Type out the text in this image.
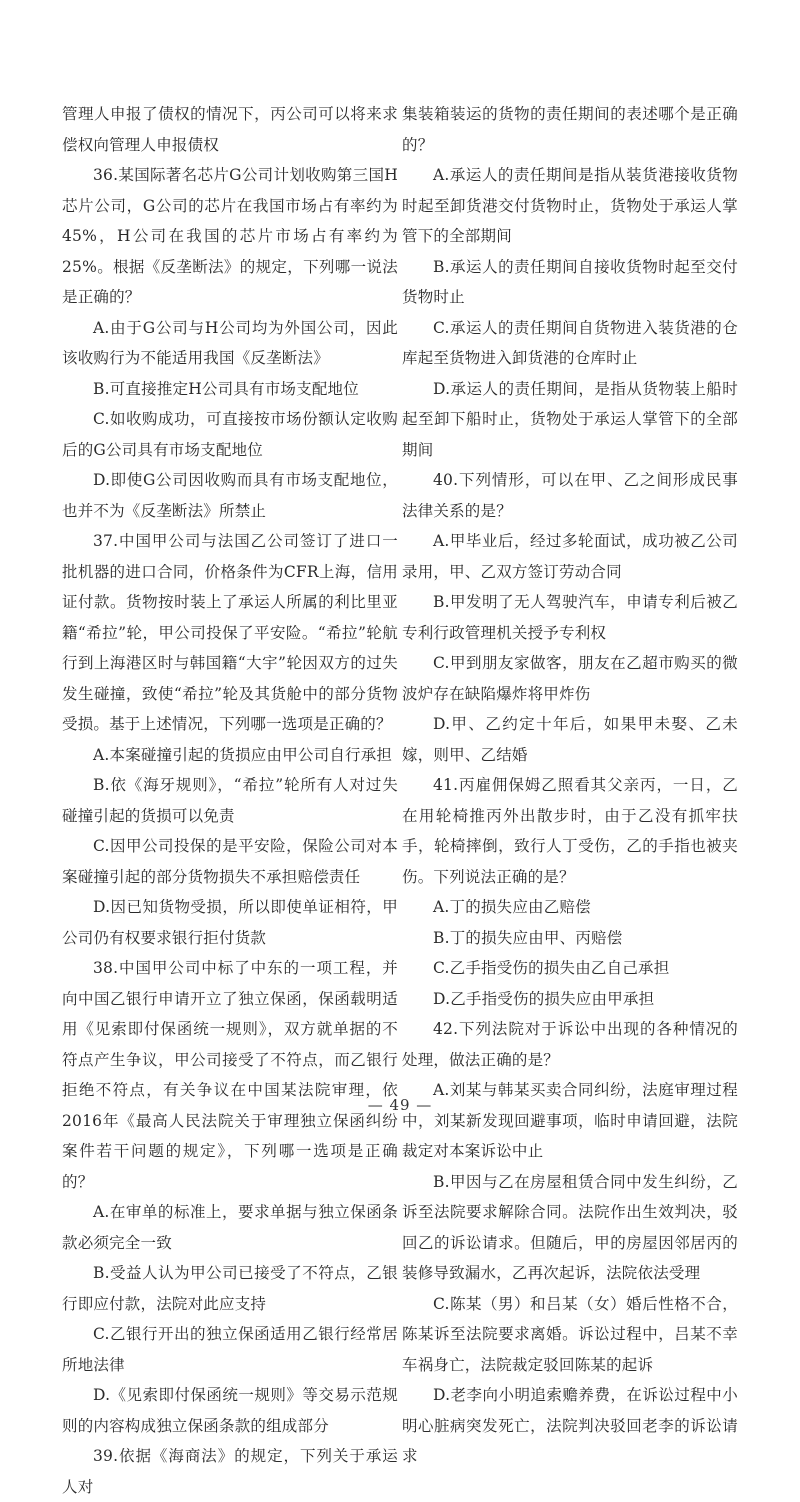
管理人申报了债权的情况下，丙公司可以将来求偿权向管理人申报债权

36.某国际著名芯片G公司计划收购第三国H芯片公司，G公司的芯片在我国市场占有率约为45%，H公司在我国的芯片市场占有率约为25%。根据《反垄断法》的规定，下列哪一说法是正确的？

A.由于G公司与H公司均为外国公司，因此该收购行为不能适用我国《反垄断法》

B.可直接推定H公司具有市场支配地位

C.如收购成功，可直接按市场份额认定收购后的G公司具有市场支配地位

D.即使G公司因收购而具有市场支配地位，也并不为《反垄断法》所禁止

37.中国甲公司与法国乙公司签订了进口一批机器的进口合同，价格条件为CFR上海，信用证付款。货物按时装上了承运人所属的利比里亚籍“希拉”轮，甲公司投保了平安险。“希拉”轮航行到上海港区时与韩国籍“大宇”轮因双方的过失发生碰撞，致使“希拉”轮及其货舱中的部分货物受损。基于上述情况，下列哪一选项是正确的？

A.本案碰撞引起的货损应由甲公司自行承担

B.依《海牙规则》，“希拉”轮所有人对过失碰撞引起的货损可以免责

C.因甲公司投保的是平安险，保险公司对本案碰撞引起的部分货物损失不承担赔偿责任

D.因已知货物受损，所以即使单证相符，甲公司仍有权要求银行拒付货款

38.中国甲公司中标了中东的一项工程，并向中国乙银行申请开立了独立保函，保函载明适用《见索即付保函统一规则》，双方就单据的不符点产生争议，甲公司接受了不符点，而乙银行拒绝不符点，有关争议在中国某法院审理，依2016年《最高人民法院关于审理独立保函纠纷案件若干问题的规定》，下列哪一选项是正确的？

A.在审单的标准上，要求单据与独立保函条款必须完全一致

B.受益人认为甲公司已接受了不符点，乙银行即应付款，法院对此应支持

C.乙银行开出的独立保函适用乙银行经常居所地法律

D.《见索即付保函统一规则》等交易示范规则的内容构成独立保函条款的组成部分

39.依据《海商法》的规定，下列关于承运人对

集装箱装运的货物的责任期间的表述哪个是正确的？

A.承运人的责任期间是指从装货港接收货物时起至卸货港交付货物时止，货物处于承运人掌管下的全部期间

B.承运人的责任期间自接收货物时起至交付货物时止

C.承运人的责任期间自货物进入装货港的仓库起至货物进入卸货港的仓库时止

D.承运人的责任期间，是指从货物装上船时起至卸下船时止，货物处于承运人掌管下的全部期间

40.下列情形，可以在甲、乙之间形成民事法律关系的是？

A.甲毕业后，经过多轮面试，成功被乙公司录用，甲、乙双方签订劳动合同

B.甲发明了无人驾驶汽车，申请专利后被乙专利行政管理机关授予专利权

C.甲到朋友家做客，朋友在乙超市购买的微波炉存在缺陷爆炸将甲炸伤

D.甲、乙约定十年后，如果甲未娶、乙未嫁，则甲、乙结婚

41.丙雇佣保姆乙照看其父亲丙，一日，乙在用轮椅推丙外出散步时，由于乙没有抓牢扶手，轮椅摔倒，致行人丁受伤，乙的手指也被夹伤。下列说法正确的是？

A.丁的损失应由乙赔偿

B.丁的损失应由甲、丙赔偿

C.乙手指受伤的损失由乙自己承担

D.乙手指受伤的损失应由甲承担

42.下列法院对于诉讼中出现的各种情况的处理，做法正确的是？

A.刘某与韩某买卖合同纠纷，法庭审理过程中，刘某新发现回避事项，临时申请回避，法院裁定对本案诉讼中止

B.甲因与乙在房屋租赁合同中发生纠纷，乙诉至法院要求解除合同。法院作出生效判决，驳回乙的诉讼请求。但随后，甲的房屋因邻居丙的装修导致漏水，乙再次起诉，法院依法受理

C.陈某（男）和吕某（女）婚后性格不合，陈某诉至法院要求离婚。诉讼过程中，吕某不幸车祸身亡，法院裁定驳回陈某的起诉

D.老李向小明追索赡养费，在诉讼过程中小明心脏病突发死亡，法院判决驳回老李的诉讼请求

— 49 —
